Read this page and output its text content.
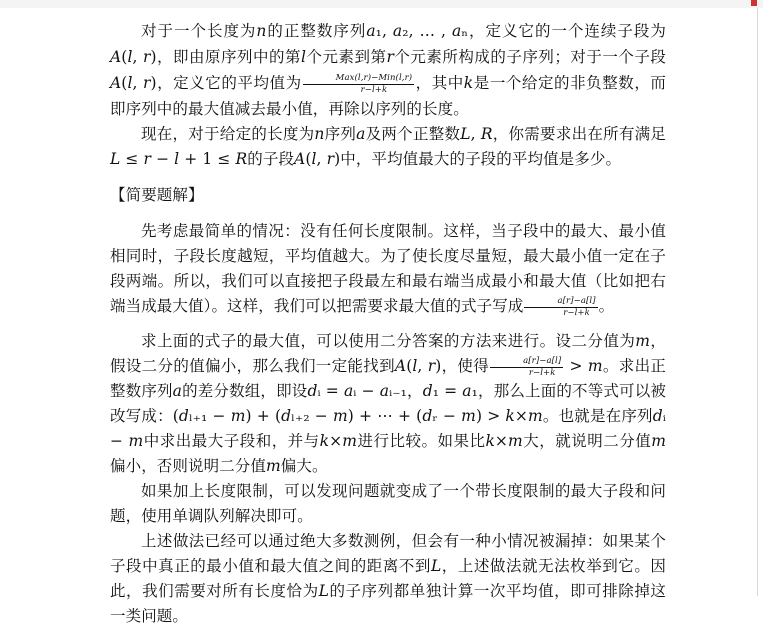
对于一个长度为𝑛的正整数序列𝑎₁, 𝑎₂, … , 𝑎ₙ，定义它的一个连续子段为𝐴(𝑙, 𝑟)，即由原序列中的第𝑙个元素到第𝑟个元素所构成的子序列；对于一个子段𝐴(𝑙, 𝑟)，定义它的平均值为 $\frac{\text{Max(l,r)−Min(l,r)}}{r-l+k}$ ，其中𝑘是一个给定的非负整数，而即序列中的最大值减去最小值，再除以序列的长度。

现在，对于给定的长度为𝑛序列𝑎及两个正整数𝐿, 𝑅，你需要求出在所有满足𝐿 ≤ 𝑟 − 𝑙 + 1 ≤ 𝑅的子段𝐴(𝑙, 𝑟)中，平均值最大的子段的平均值是多少。

【简要题解】

先考虑最简单的情况：没有任何长度限制。这样，当子段中的最大、最小值相同时，子段长度越短，平均值越大。为了使长度尽量短，最大最小值一定在子段两端。所以，我们可以直接把子段最左和最右端当成最小和最大值（比如把右端当成最大值）。这样，我们可以把需要求最大值的式子写成 $\frac{a[r]-a[l]}{r-l+k}$ 。

求上面的式子的最大值，可以使用二分答案的方法来进行。设二分值为𝑚，假设二分的值偏小，那么我们一定能找到𝐴(𝑙, 𝑟)，使得 $\frac{a[r]-a[l]}{r-l+k}$ > 𝑚。求出正整数序列𝑎的差分数组，即设𝑑ᵢ = 𝑎ᵢ − 𝑎ᵢ₋₁，𝑑₁ = 𝑎₁，那么上面的不等式可以被改写成：(𝑑ₗ₊₁ − 𝑚) + (𝑑ₗ₊₂ − 𝑚) + ⋯ + (𝑑ᵣ − 𝑚) > 𝑘×𝑚。也就是在序列𝑑ᵢ − 𝑚中求出最大子段和，并与𝑘×𝑚进行比较。如果比𝑘×𝑚大，就说明二分值𝑚偏小，否则说明二分值𝑚偏大。

如果加上长度限制，可以发现问题就变成了一个带长度限制的最大子段和问题，使用单调队列解决即可。

上述做法已经可以通过绝大多数测例，但会有一种小情况被漏掉：如果某个子段中真正的最小值和最大值之间的距离不到𝐿，上述做法就无法枚举到它。因此，我们需要对所有长度恰为𝐿的子序列都单独计算一次平均值，即可排除掉这一类问题。
